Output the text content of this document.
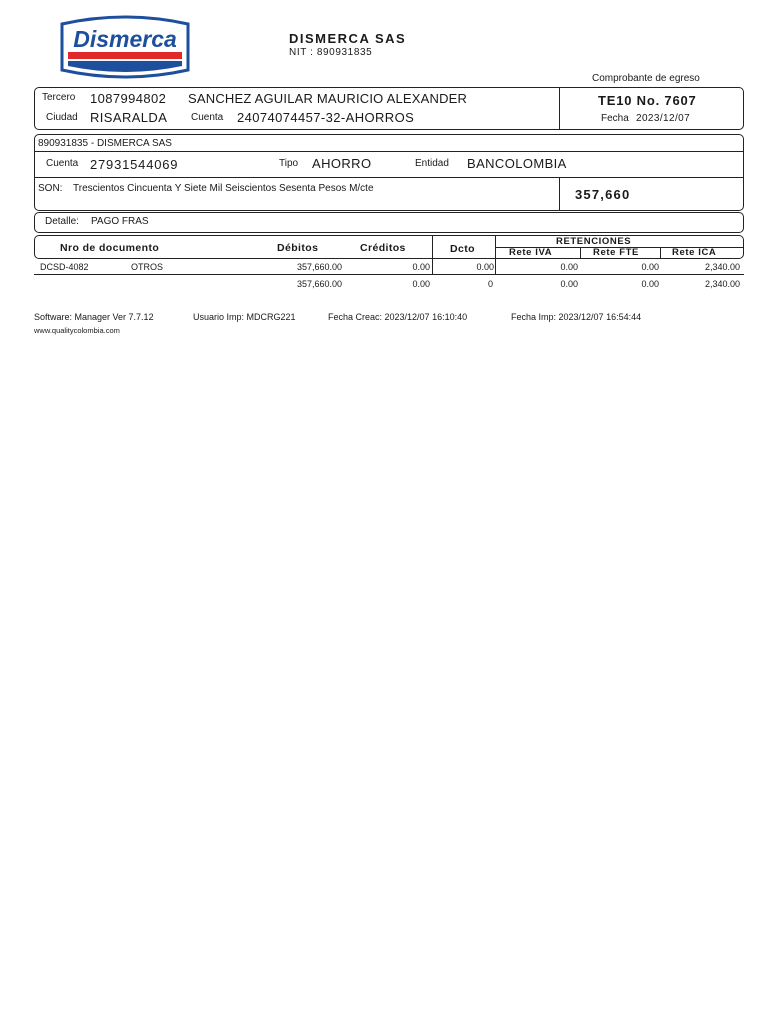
Dismerca	DISMERCA SAS
NIT : 890931835
Comprobante de egreso
Tercero 1087994802 SANCHEZ AGUILAR MAURICIO ALEXANDER
Ciudad RISARALDA Cuenta 24074074457-32-AHORROS
TE10 No. 7607
Fecha 2023/12/07
890931835 - DISMERCA SAS
Cuenta 27931544069	Tipo AHORRO	Entidad BANCOLOMBIA
SON: Trescientos Cincuenta Y Siete Mil Seiscientos Sesenta Pesos M/cte	357,660
Detalle: PAGO FRAS
Nro de documento	Débitos	Créditos	Dcto
RETENCIONES
Rete IVA	Rete FTE	Rete ICA
DCSD-4082	OTROS	357,660.00	0.00	0.00	0.00	0.00	2,340.00
357,660.00	0.00	0	0.00	0.00	2,340.00
Software: Manager Ver 7.7.12	Usuario Imp: MDCRG221	Fecha Creac: 2023/12/07 16:10:40	Fecha Imp: 2023/12/07 16:54:44
www.qualitycolombia.com
